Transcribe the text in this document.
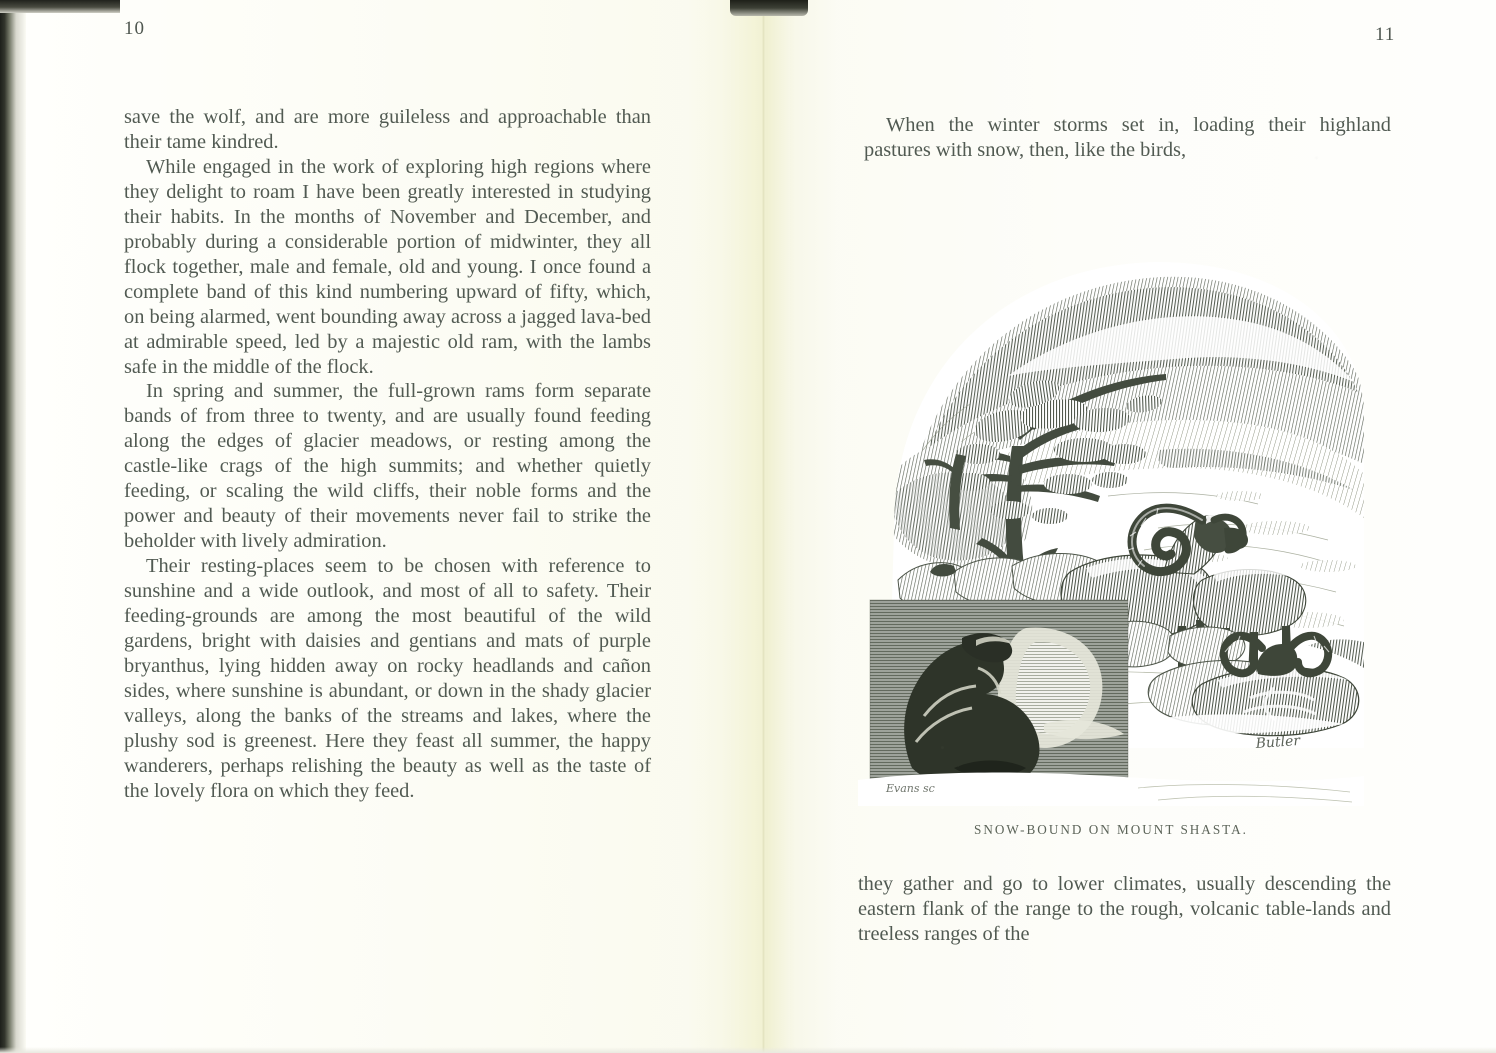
10

save the wolf, and are more guileless and approachable than their tame kindred.

While engaged in the work of exploring high regions where they delight to roam I have been greatly interested in studying their habits. In the months of November and December, and probably during a considerable portion of midwinter, they all flock together, male and female, old and young. I once found a complete band of this kind numbering upward of fifty, which, on being alarmed, went bounding away across a jagged lava-bed at admirable speed, led by a majestic old ram, with the lambs safe in the middle of the flock.

In spring and summer, the full-grown rams form separate bands of from three to twenty, and are usually found feeding along the edges of glacier meadows, or resting among the castle-like crags of the high summits; and whether quietly feeding, or scaling the wild cliffs, their noble forms and the power and beauty of their movements never fail to strike the beholder with lively admiration.

Their resting-places seem to be chosen with reference to sunshine and a wide outlook, and most of all to safety. Their feeding-grounds are among the most beautiful of the wild gardens, bright with daisies and gentians and mats of purple bryanthus, lying hidden away on rocky headlands and cañon sides, where sunshine is abundant, or down in the shady glacier valleys, along the banks of the streams and lakes, where the plushy sod is greenest. Here they feast all summer, the happy wanderers, perhaps relishing the beauty as well as the taste of the lovely flora on which they feed.

11

When the winter storms set in, loading their highland pastures with snow, then, like the birds,

Evans sc
Butler
SNOW-BOUND ON MOUNT SHASTA.

they gather and go to lower climates, usually descending the eastern flank of the range to the rough, volcanic table-lands and treeless ranges of the
